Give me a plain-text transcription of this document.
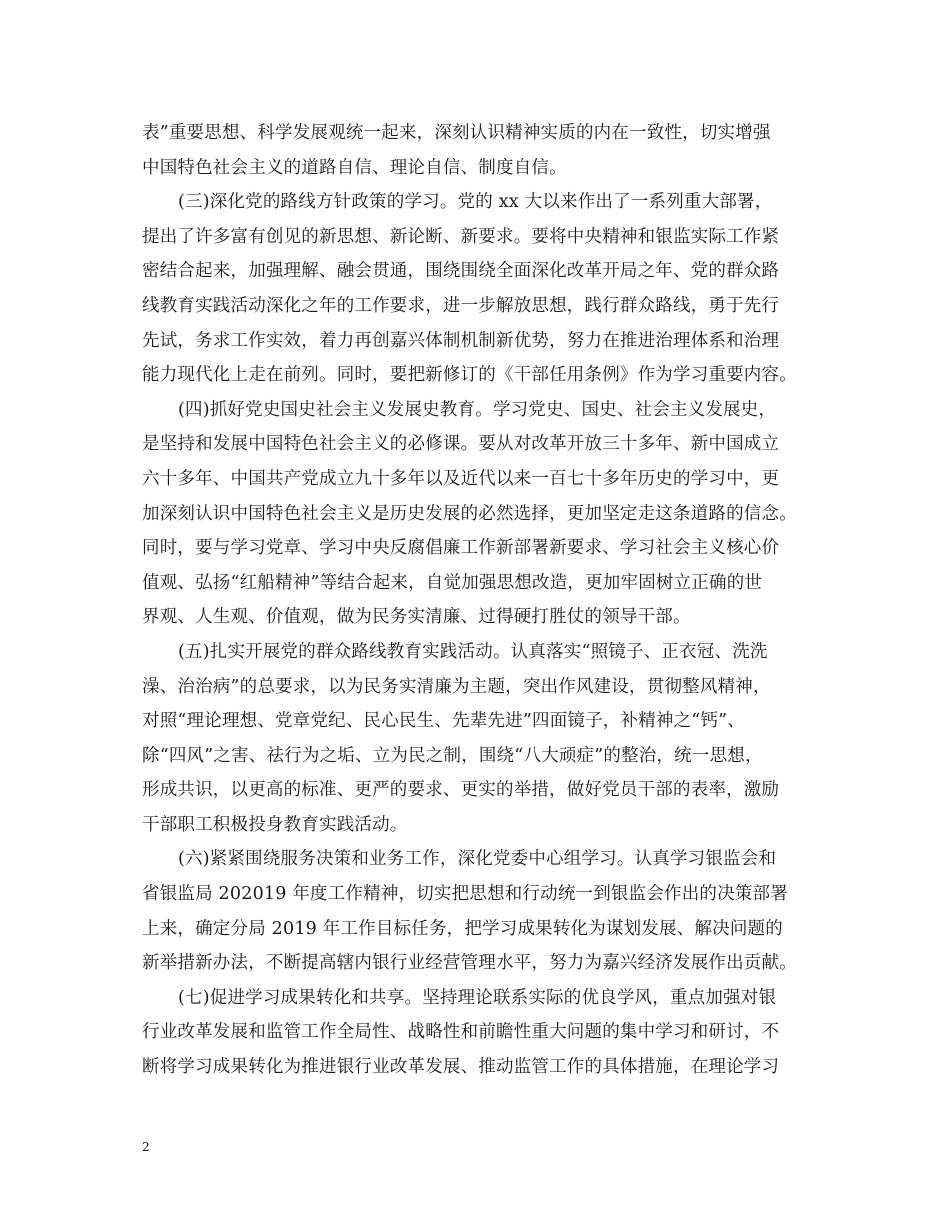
表”重要思想、科学发展观统一起来，深刻认识精神实质的内在一致性，切实增强
中国特色社会主义的道路自信、理论自信、制度自信。
(三)深化党的路线方针政策的学习。党的 xx 大以来作出了一系列重大部署，
提出了许多富有创见的新思想、新论断、新要求。要将中央精神和银监实际工作紧
密结合起来，加强理解、融会贯通，围绕围绕全面深化改革开局之年、党的群众路
线教育实践活动深化之年的工作要求，进一步解放思想，践行群众路线，勇于先行
先试，务求工作实效，着力再创嘉兴体制机制新优势，努力在推进治理体系和治理
能力现代化上走在前列。同时，要把新修订的《干部任用条例》作为学习重要内容。
(四)抓好党史国史社会主义发展史教育。学习党史、国史、社会主义发展史，
是坚持和发展中国特色社会主义的必修课。要从对改革开放三十多年、新中国成立
六十多年、中国共产党成立九十多年以及近代以来一百七十多年历史的学习中，更
加深刻认识中国特色社会主义是历史发展的必然选择，更加坚定走这条道路的信念。
同时，要与学习党章、学习中央反腐倡廉工作新部署新要求、学习社会主义核心价
值观、弘扬“红船精神”等结合起来，自觉加强思想改造，更加牢固树立正确的世
界观、人生观、价值观，做为民务实清廉、过得硬打胜仗的领导干部。
(五)扎实开展党的群众路线教育实践活动。认真落实“照镜子、正衣冠、洗洗
澡、治治病”的总要求，以为民务实清廉为主题，突出作风建设，贯彻整风精神，
对照“理论理想、党章党纪、民心民生、先辈先进”四面镜子，补精神之“钙”、
除“四风”之害、祛行为之垢、立为民之制，围绕“八大顽症”的整治，统一思想，
形成共识，以更高的标准、更严的要求、更实的举措，做好党员干部的表率，激励
干部职工积极投身教育实践活动。
(六)紧紧围绕服务决策和业务工作，深化党委中心组学习。认真学习银监会和
省银监局 202019 年度工作精神，切实把思想和行动统一到银监会作出的决策部署
上来，确定分局 2019 年工作目标任务，把学习成果转化为谋划发展、解决问题的
新举措新办法，不断提高辖内银行业经营管理水平，努力为嘉兴经济发展作出贡献。
(七)促进学习成果转化和共享。坚持理论联系实际的优良学风，重点加强对银
行业改革发展和监管工作全局性、战略性和前瞻性重大问题的集中学习和研讨，不
断将学习成果转化为推进银行业改革发展、推动监管工作的具体措施，在理论学习
2
